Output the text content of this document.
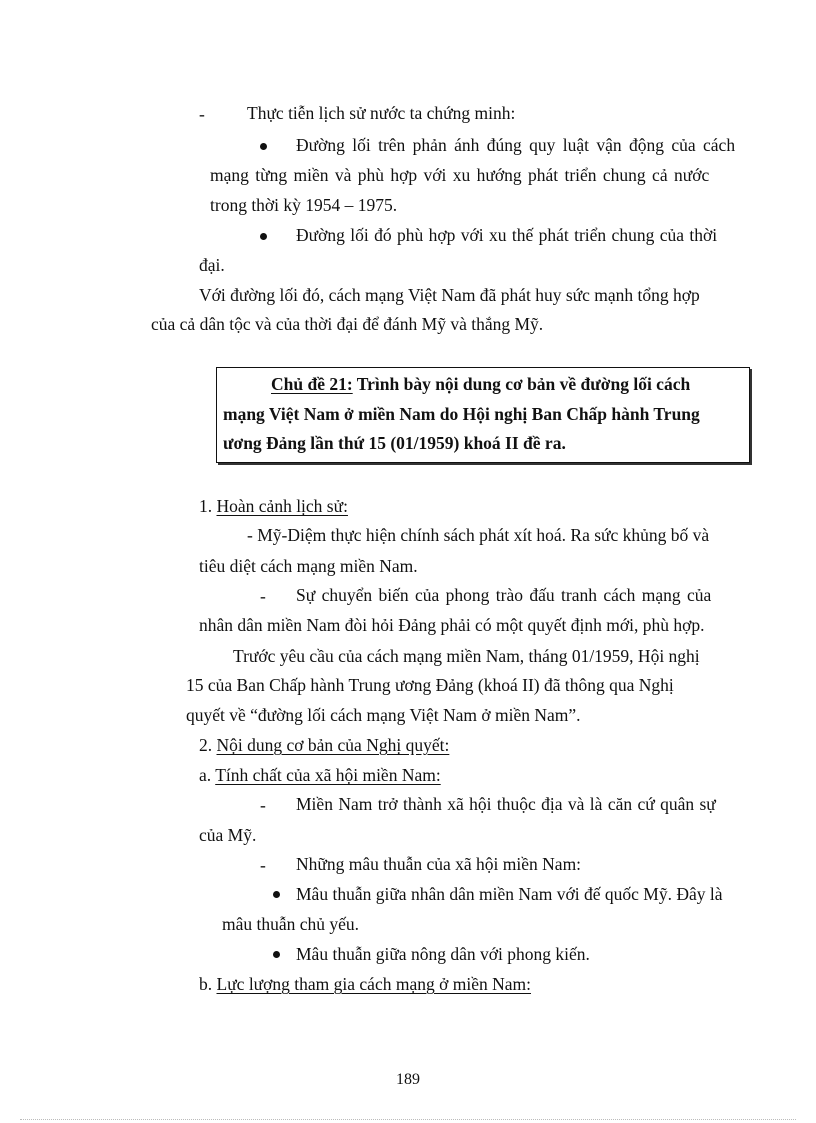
- Thực tiễn lịch sử nước ta chứng minh:
Đường lối trên phản ánh đúng quy luật vận động của cách
mạng từng miền và phù hợp với xu hướng phát triển chung cả nước
trong thời kỳ 1954 – 1975.
Đường lối đó phù hợp với xu thế phát triển chung của thời
đại.
Với đường lối đó, cách mạng Việt Nam đã phát huy sức mạnh tổng hợp
của cả dân tộc và của thời đại để đánh Mỹ và thắng Mỹ.
Chủ đề 21: Trình bày nội dung cơ bản về đường lối cách
mạng Việt Nam ở miền Nam do Hội nghị Ban Chấp hành Trung
ương Đảng lần thứ 15 (01/1959) khoá II đề ra.
1. Hoàn cảnh lịch sử:
- Mỹ-Diệm thực hiện chính sách phát xít hoá. Ra sức khủng bố và
tiêu diệt cách mạng miền Nam.
- Sự chuyển biến của phong trào đấu tranh cách mạng của
nhân dân miền Nam đòi hỏi Đảng phải có một quyết định mới, phù hợp.
Trước yêu cầu của cách mạng miền Nam, tháng 01/1959, Hội nghị
15 của Ban Chấp hành Trung ương Đảng (khoá II) đã thông qua Nghị
quyết về “đường lối cách mạng Việt Nam ở miền Nam”.
2. Nội dung cơ bản của Nghị quyết:
a. Tính chất của xã hội miền Nam:
- Miền Nam trở thành xã hội thuộc địa và là căn cứ quân sự
của Mỹ.
- Những mâu thuẫn của xã hội miền Nam:
Mâu thuẫn giữa nhân dân miền Nam với đế quốc Mỹ. Đây là
mâu thuẫn chủ yếu.
Mâu thuẫn giữa nông dân với phong kiến.
b. Lực lượng tham gia cách mạng ở miền Nam:
189
